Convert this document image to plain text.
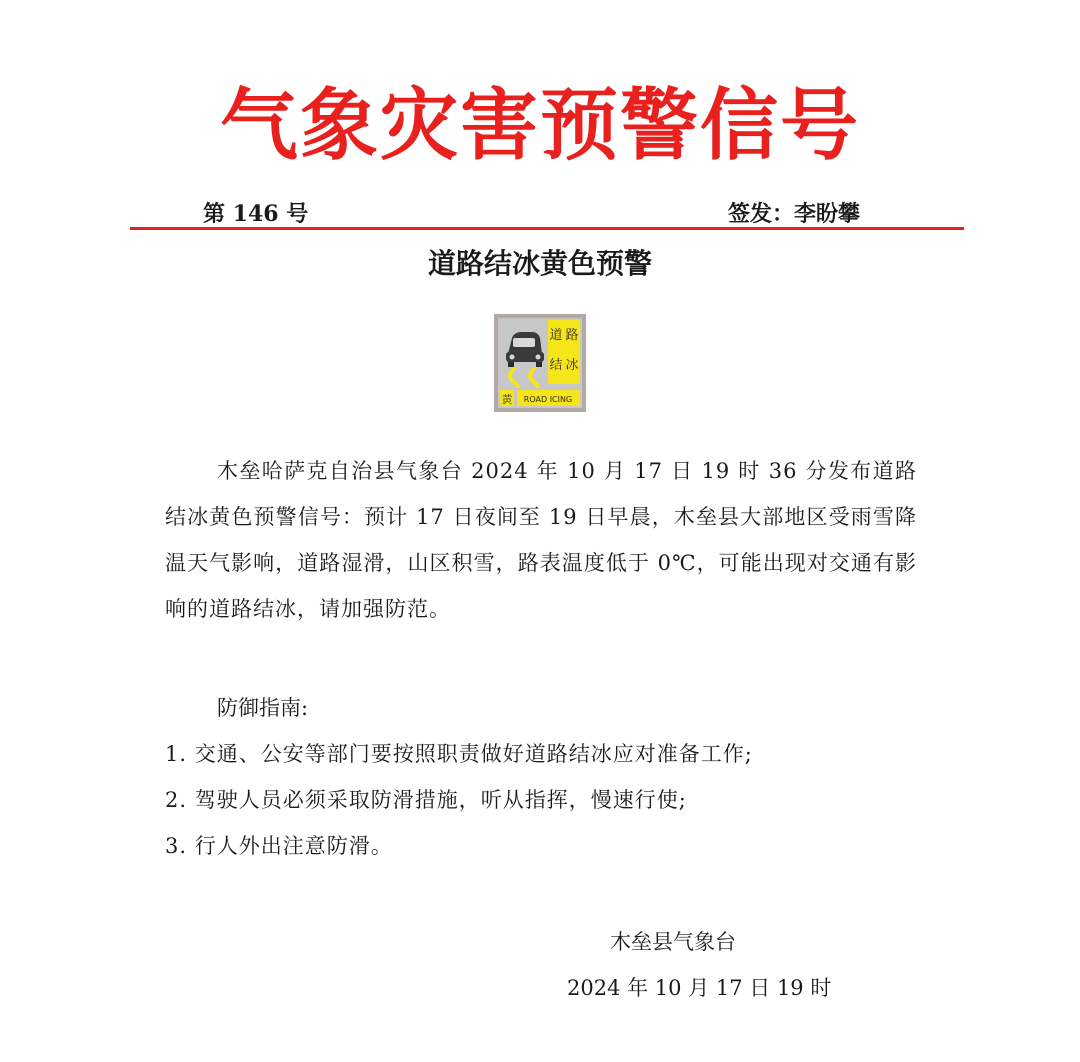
气象灾害预警信号
第 146 号	签发：李盼攀
道路结冰黄色预警
道 路
结 冰
黄 ROAD ICING
木垒哈萨克自治县气象台 2024 年 10 月 17 日 19 时 36 分发布道路结冰黄色预警信号：预计 17 日夜间至 19 日早晨，木垒县大部地区受雨雪降温天气影响，道路湿滑，山区积雪，路表温度低于 0℃，可能出现对交通有影响的道路结冰，请加强防范。
防御指南:
1. 交通、公安等部门要按照职责做好道路结冰应对准备工作;
2. 驾驶人员必须采取防滑措施，听从指挥，慢速行使;
3. 行人外出注意防滑。
木垒县气象台
2024 年 10 月 17 日 19 时
